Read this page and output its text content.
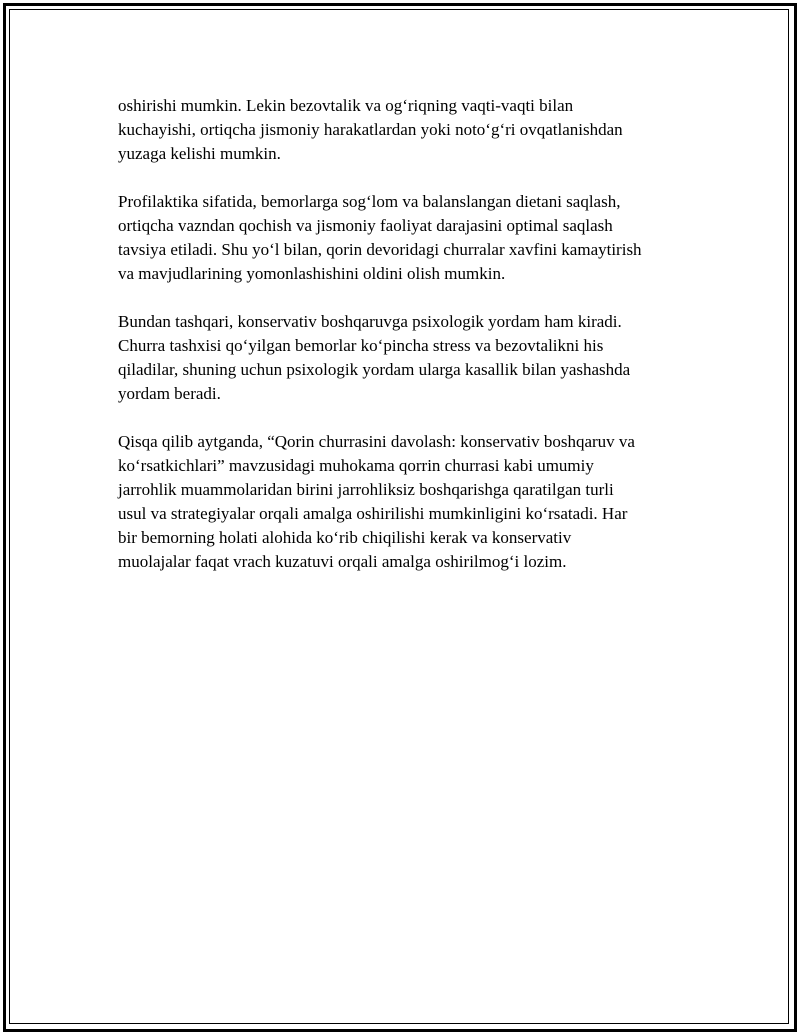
oshirishi mumkin. Lekin bezovtalik va og‘riqning vaqti-vaqti bilan
kuchayishi, ortiqcha jismoniy harakatlardan yoki noto‘g‘ri ovqatlanishdan
yuzaga kelishi mumkin.

Profilaktika sifatida, bemorlarga sog‘lom va balanslangan dietani saqlash,
ortiqcha vazndan qochish va jismoniy faoliyat darajasini optimal saqlash
tavsiya etiladi. Shu yo‘l bilan, qorin devoridagi churralar xavfini kamaytirish
va mavjudlarining yomonlashishini oldini olish mumkin.

Bundan tashqari, konservativ boshqaruvga psixologik yordam ham kiradi.
Churra tashxisi qo‘yilgan bemorlar ko‘pincha stress va bezovtalikni his
qiladilar, shuning uchun psixologik yordam ularga kasallik bilan yashashda
yordam beradi.

Qisqa qilib aytganda, “Qorin churrasini davolash: konservativ boshqaruv va
ko‘rsatkichlari” mavzusidagi muhokama qorrin churrasi kabi umumiy
jarrohlik muammolaridan birini jarrohliksiz boshqarishga qaratilgan turli
usul va strategiyalar orqali amalga oshirilishi mumkinligini ko‘rsatadi. Har
bir bemorning holati alohida ko‘rib chiqilishi kerak va konservativ
muolajalar faqat vrach kuzatuvi orqali amalga oshirilmog‘i lozim.
